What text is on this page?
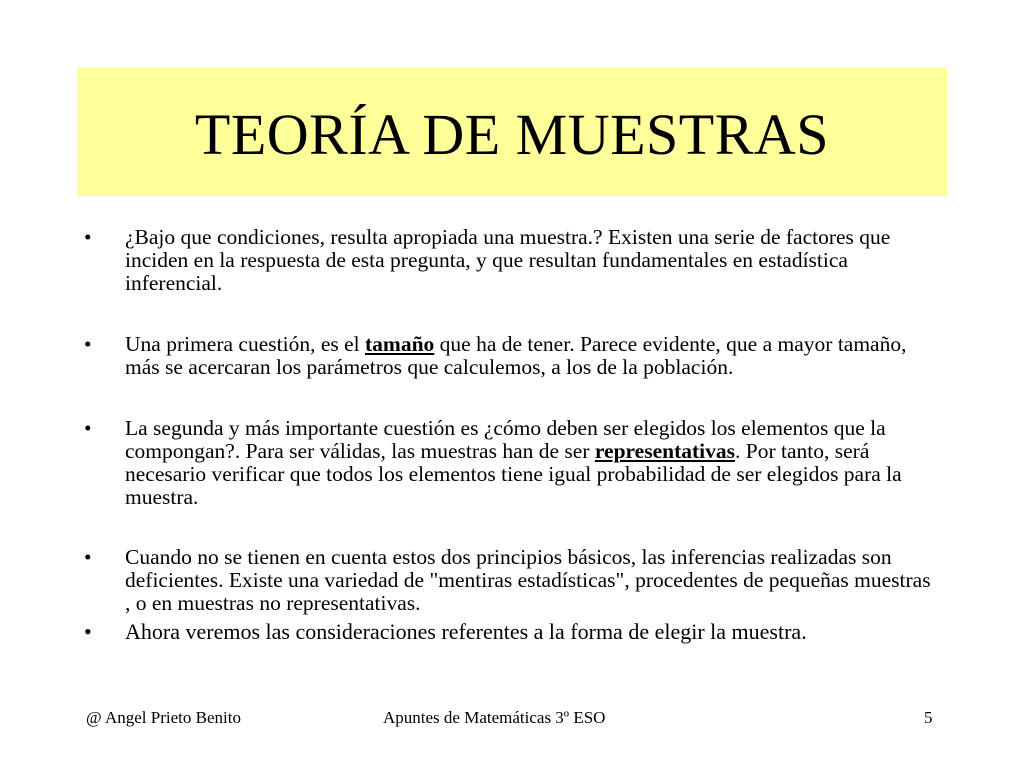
TEORÍA DE MUESTRAS
• ¿Bajo que condiciones, resulta apropiada una muestra.? Existen una serie de factores que inciden en la respuesta de esta pregunta, y que resultan fundamentales en estadística inferencial.
• Una primera cuestión, es el tamaño que ha de tener. Parece evidente, que a mayor tamaño, más se acercaran los parámetros que calculemos, a los de la población.
• La segunda y más importante cuestión es ¿cómo deben ser elegidos los elementos que la compongan?. Para ser válidas, las muestras han de ser representativas. Por tanto, será necesario verificar que todos los elementos tiene igual probabilidad de ser elegidos para la muestra.
• Cuando no se tienen en cuenta estos dos principios básicos, las inferencias realizadas son deficientes. Existe una variedad de "mentiras estadísticas", procedentes de pequeñas muestras , o en muestras no representativas.
• Ahora veremos las consideraciones referentes a la forma de elegir la muestra.
@ Angel Prieto Benito	Apuntes de Matemáticas 3º ESO	5
